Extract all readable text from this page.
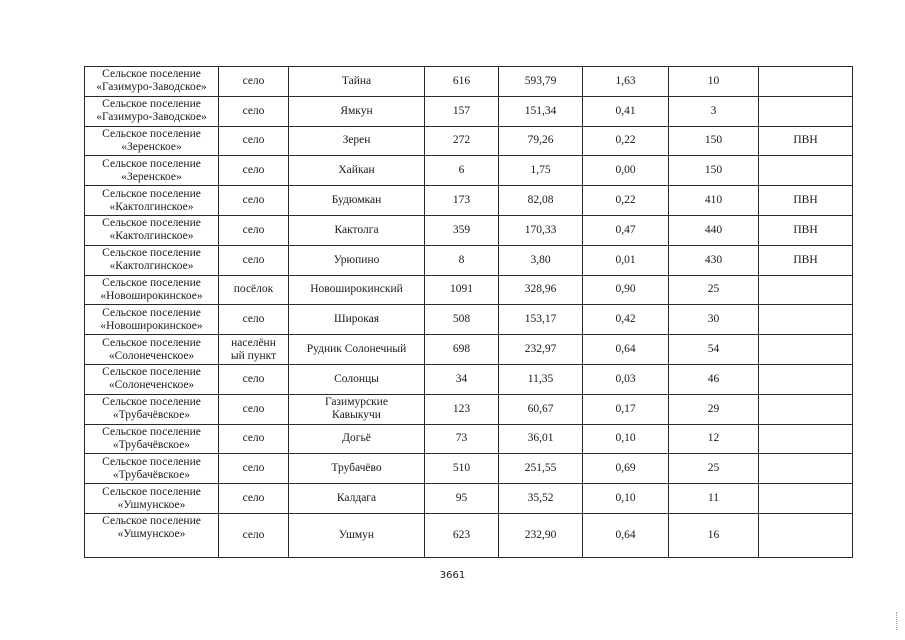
Сельское поселение
«Газимуро-Заводское»	село	Тайна	616	593,79	1,63	10	
Сельское поселение
«Газимуро-Заводское»	село	Ямкун	157	151,34	0,41	3	
Сельское поселение
«Зеренское»	село	Зерен	272	79,26	0,22	150	ПВН
Сельское поселение
«Зеренское»	село	Хайкан	6	1,75	0,00	150	
Сельское поселение
«Кактолгинское»	село	Будюмкан	173	82,08	0,22	410	ПВН
Сельское поселение
«Кактолгинское»	село	Кактолга	359	170,33	0,47	440	ПВН
Сельское поселение
«Кактолгинское»	село	Урюпино	8	3,80	0,01	430	ПВН
Сельское поселение
«Новоширокинское»	посёлок	Новоширокинский	1091	328,96	0,90	25	
Сельское поселение
«Новоширокинское»	село	Широкая	508	153,17	0,42	30	
Сельское поселение
«Солонеченское»	населённ
ый пункт	Рудник Солонечный	698	232,97	0,64	54	
Сельское поселение
«Солонеченское»	село	Солонцы	34	11,35	0,03	46	
Сельское поселение
«Трубачёвское»	село	Газимурские
Кавыкучи	123	60,67	0,17	29	
Сельское поселение
«Трубачёвское»	село	Догьё	73	36,01	0,10	12	
Сельское поселение
«Трубачёвское»	село	Трубачёво	510	251,55	0,69	25	
Сельское поселение
«Ушмунское»	село	Калдага	95	35,52	0,10	11	
Сельское поселение
«Ушмунское»	село	Ушмун	623	232,90	0,64	16	
3661
